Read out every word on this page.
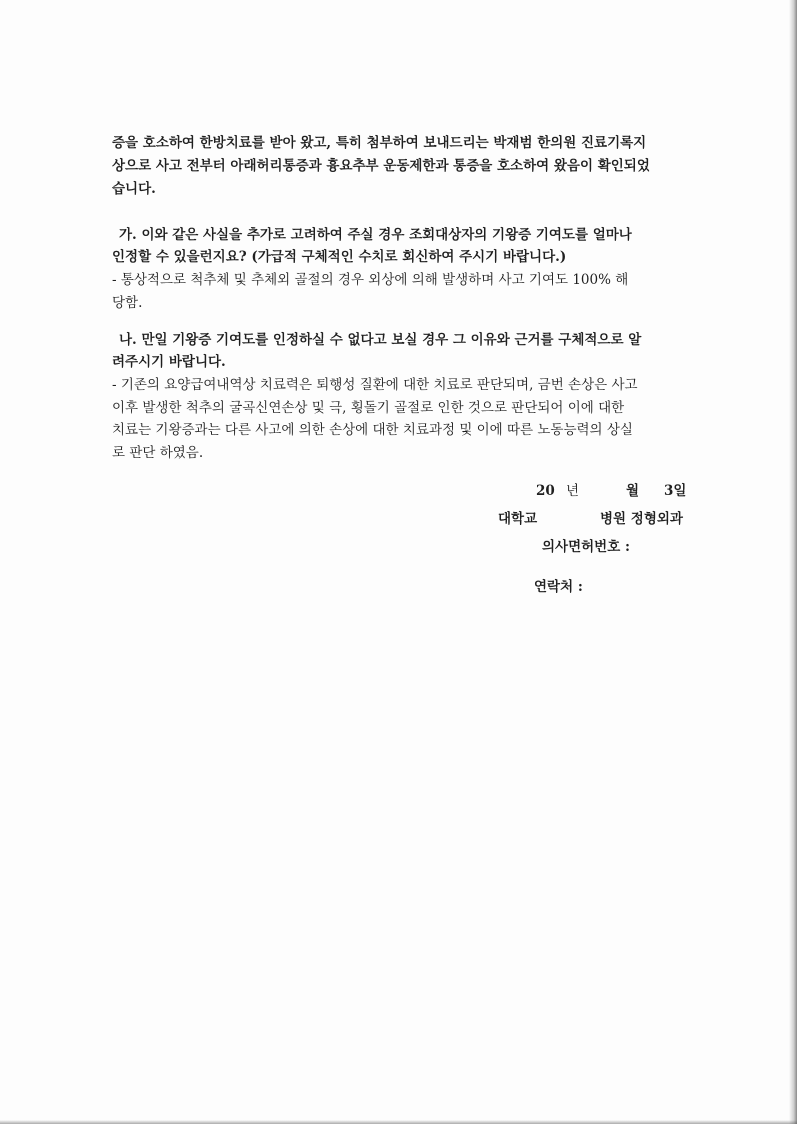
증을 호소하여 한방치료를 받아 왔고, 특히 첨부하여 보내드리는 박재범 한의원 진료기록지
상으로 사고 전부터 아래허리통증과 흉요추부 운동제한과 통증을 호소하여 왔음이 확인되었
습니다.
가. 이와 같은 사실을 추가로 고려하여 주실 경우 조회대상자의 기왕증 기여도를 얼마나
인정할 수 있을런지요? (가급적 구체적인 수치로 회신하여 주시기 바랍니다.)
- 통상적으로 척추체 및 추체외 골절의 경우 외상에 의해 발생하며 사고 기여도 100% 해
당함.
나. 만일 기왕증 기여도를 인정하실 수 없다고 보실 경우 그 이유와 근거를 구체적으로 알
려주시기 바랍니다.
- 기존의 요양급여내역상 치료력은 퇴행성 질환에 대한 치료로 판단되며, 금번 손상은 사고
이후 발생한 척추의 굴곡신연손상 및 극, 횡돌기 골절로 인한 것으로 판단되어 이에 대한
치료는 기왕증과는 다른 사고에 의한 손상에 대한 치료과정 및 이에 따른 노동능력의 상실
로 판단 하였음.
20 년	월 3일
대학교	병원 정형외과
의사면허번호 :
연락처 :
